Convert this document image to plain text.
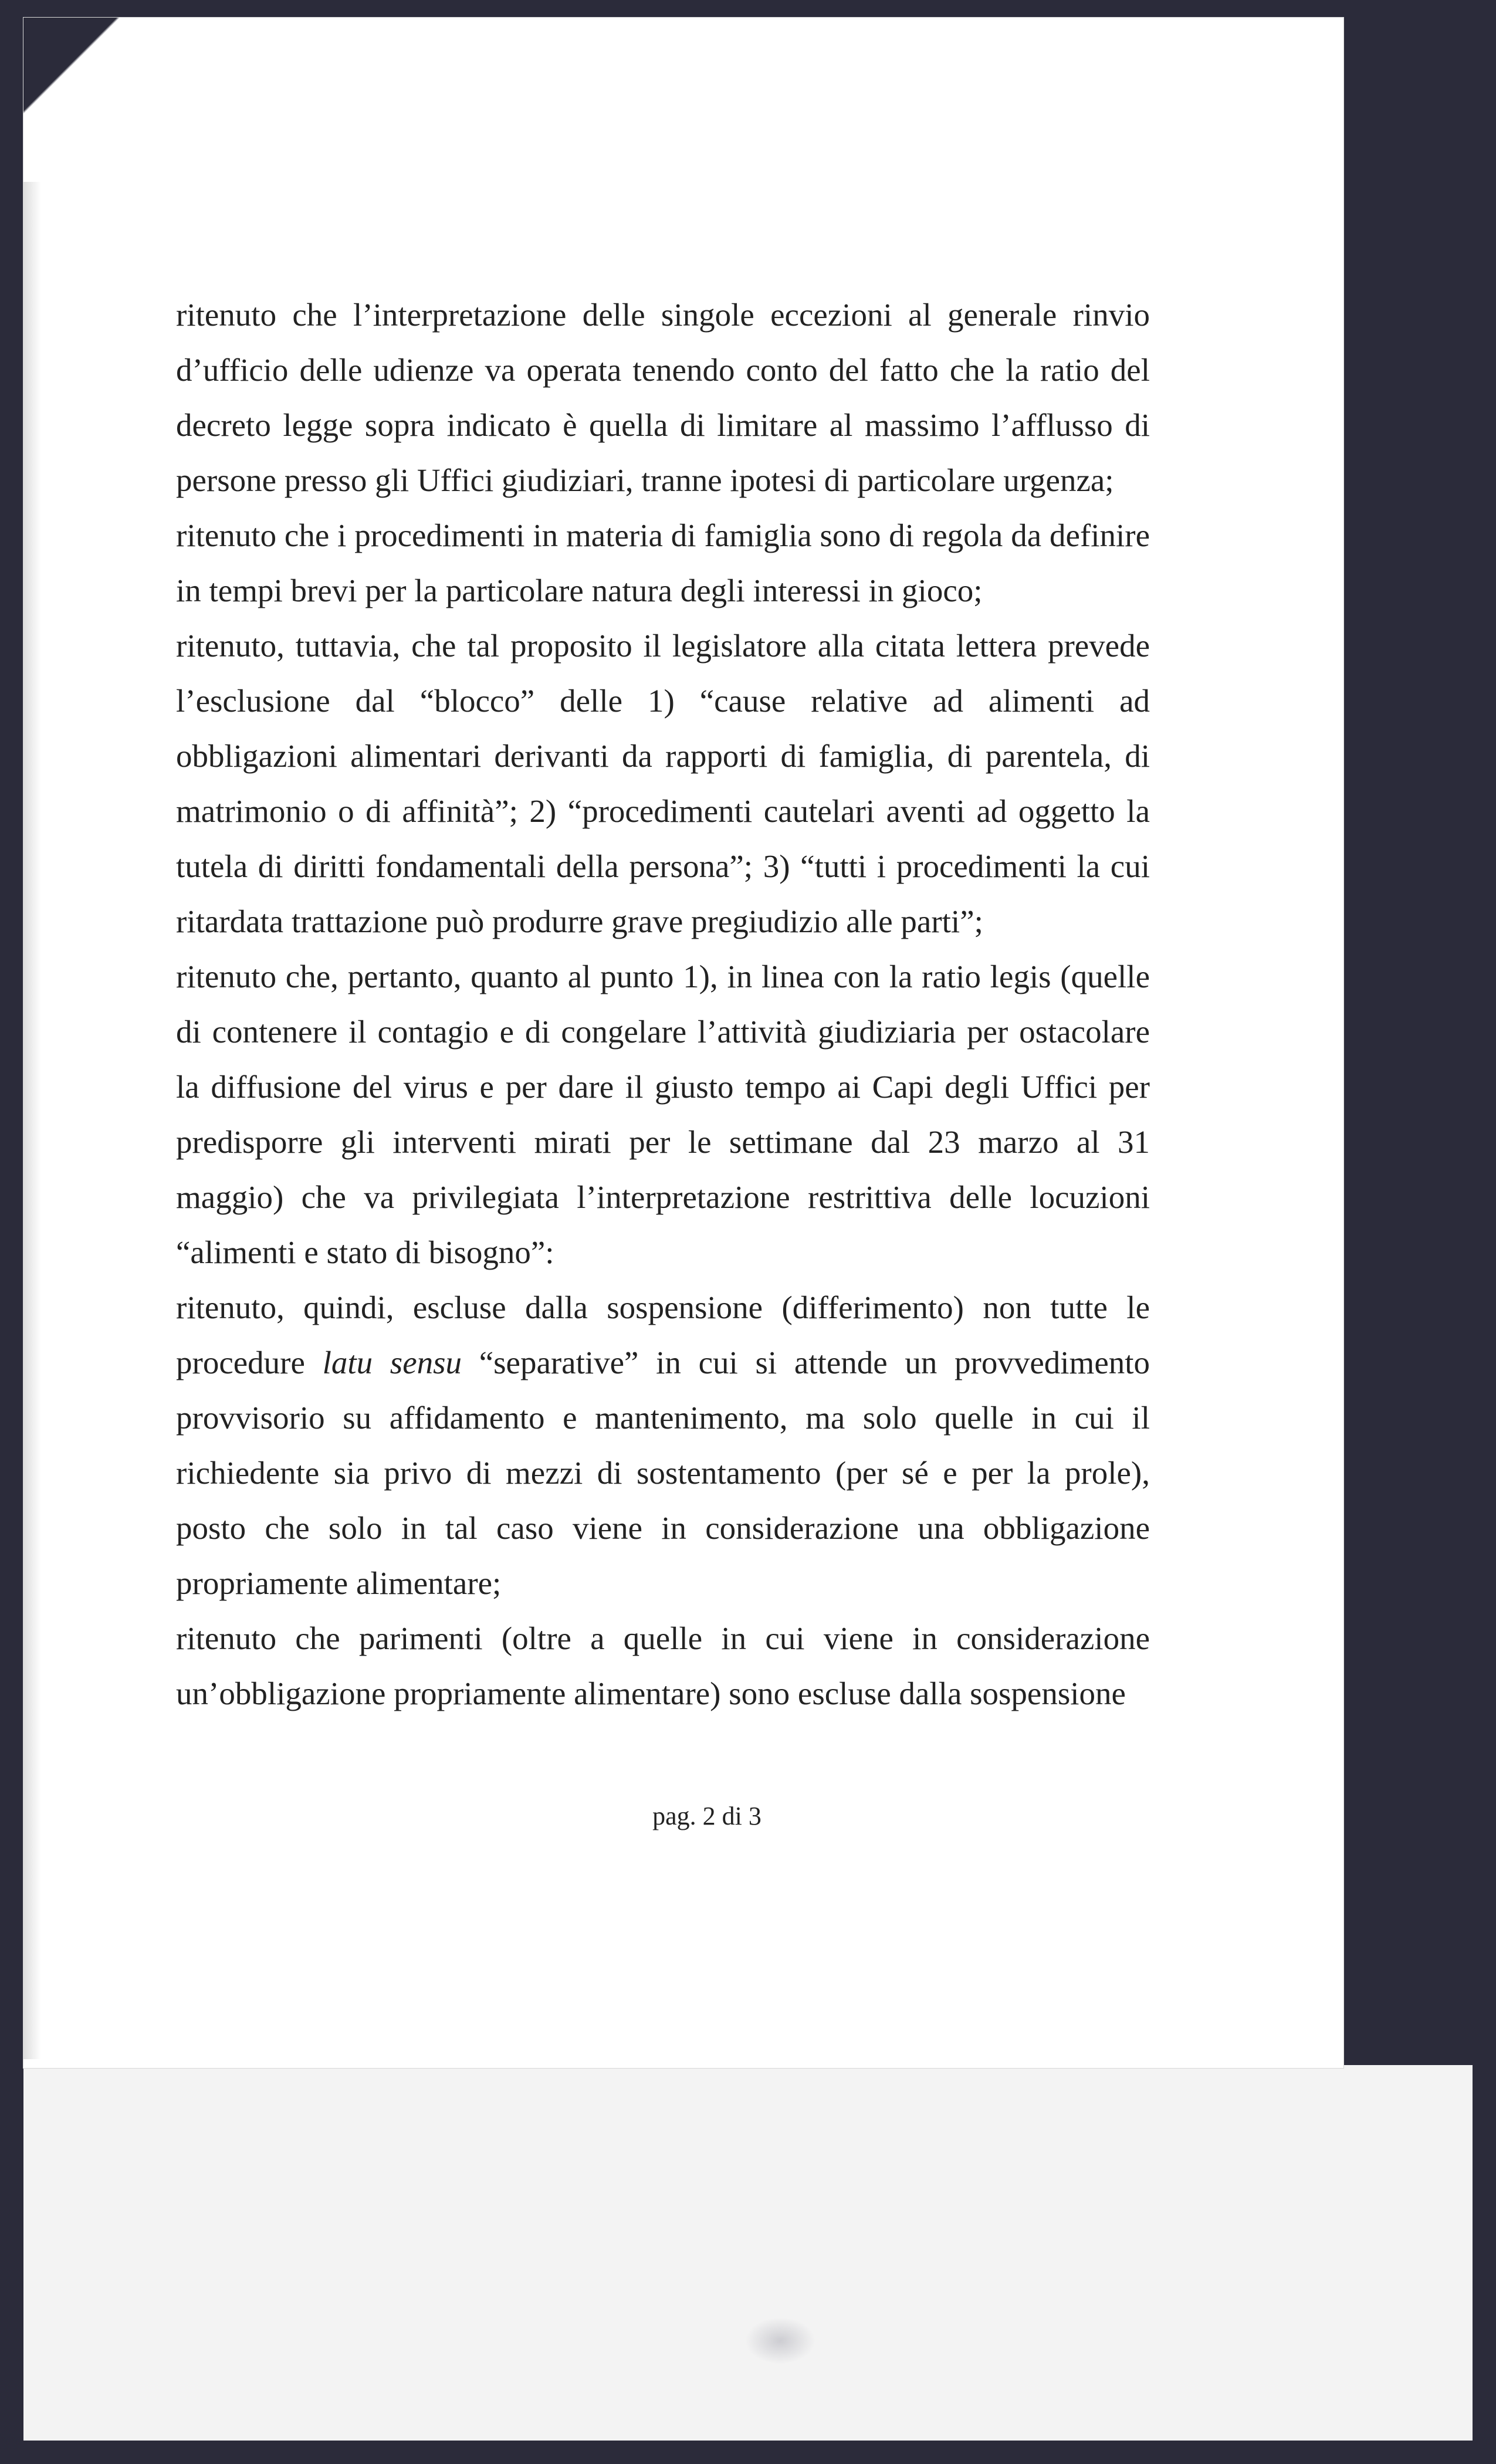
ritenuto che l’interpretazione delle singole eccezioni al generale rinvio d’ufficio delle udienze va operata tenendo conto del fatto che la ratio del decreto legge sopra indicato è quella di limitare al massimo l’afflusso di persone presso gli Uffici giudiziari, tranne ipotesi di particolare urgenza;

ritenuto che i procedimenti in materia di famiglia sono di regola da definire in tempi brevi per la particolare natura degli interessi in gioco;

ritenuto, tuttavia, che tal proposito il legislatore alla citata lettera prevede l’esclusione dal “blocco” delle 1) “cause relative ad alimenti ad obbligazioni alimentari derivanti da rapporti di famiglia, di parentela, di matrimonio o di affinità”; 2) “procedimenti cautelari aventi ad oggetto la tutela di diritti fondamentali della persona”; 3) “tutti i procedimenti la cui ritardata trattazione può produrre grave pregiudizio alle parti”;

ritenuto che, pertanto, quanto al punto 1), in linea con la ratio legis (quelle di contenere il contagio e di congelare l’attività giudiziaria per ostacolare la diffusione del virus e per dare il giusto tempo ai Capi degli Uffici per predisporre gli interventi mirati per le settimane dal 23 marzo al 31 maggio) che va privilegiata l’interpretazione restrittiva delle locuzioni “alimenti e stato di bisogno”:

ritenuto, quindi, escluse dalla sospensione (differimento) non tutte le procedure latu sensu “separative” in cui si attende un provvedimento provvisorio su affidamento e mantenimento, ma solo quelle in cui il richiedente sia privo di mezzi di sostentamento (per sé e per la prole), posto che solo in tal caso viene in considerazione una obbligazione propriamente alimentare;

ritenuto che parimenti (oltre a quelle in cui viene in considerazione un’obbligazione propriamente alimentare) sono escluse dalla sospensione

pag. 2 di 3
